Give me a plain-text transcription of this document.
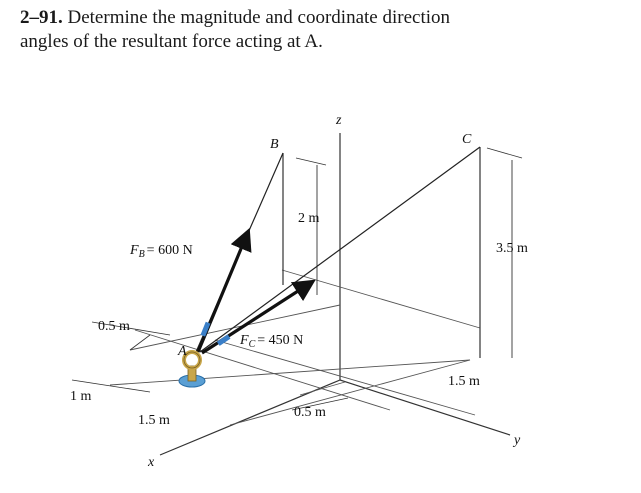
2–91. Determine the magnitude and coordinate direction
angles of the resultant force acting at A.
z
y
x
2 m
3.5 m
A
B	C
$F_B = 600$ N
$F_C = 450$ N
0.5 m
1 m
1.5 m
0.5 m
1.5 m
